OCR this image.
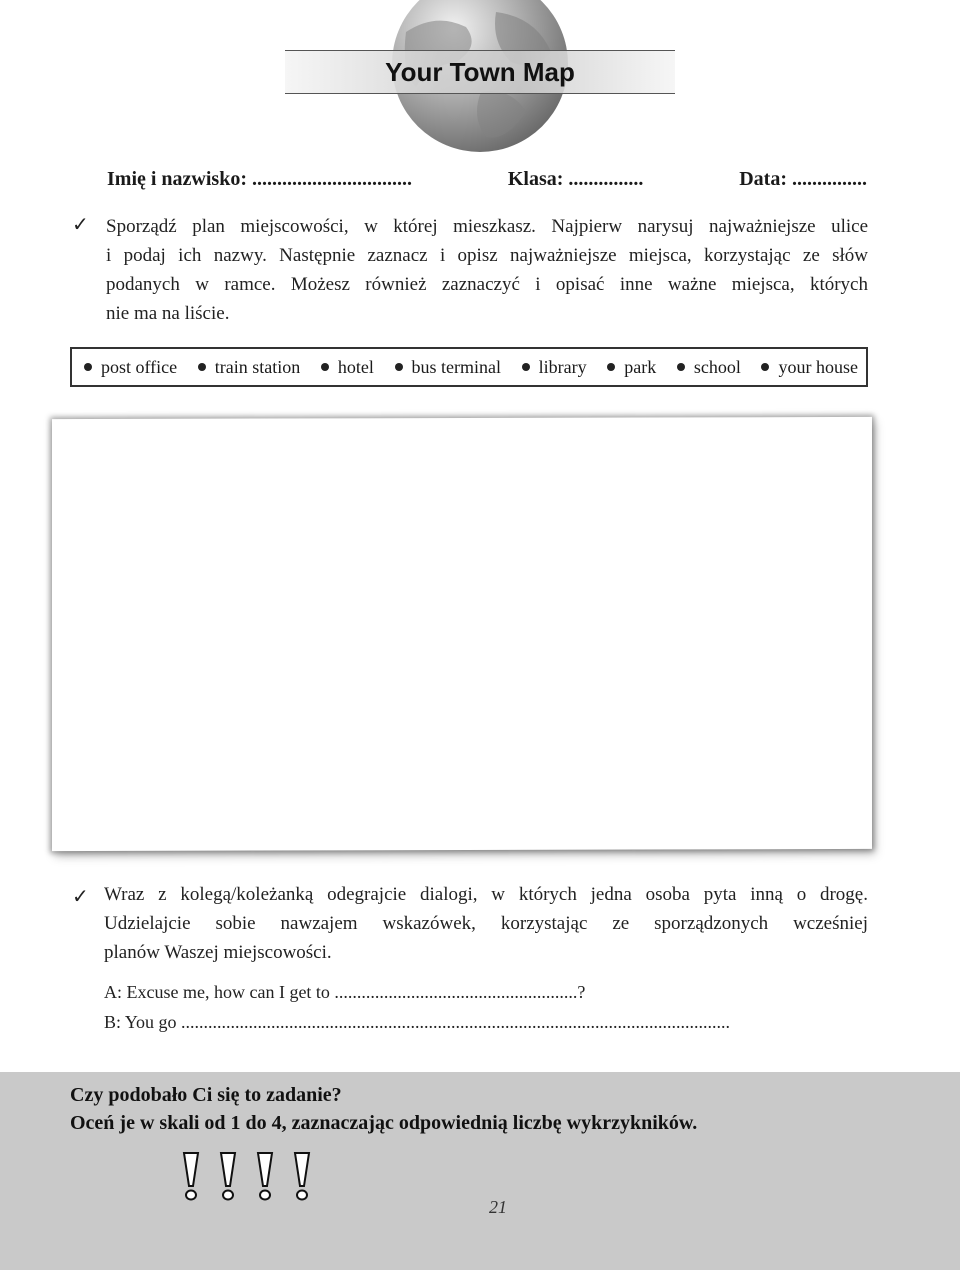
Your Town Map
Imię i nazwisko: ................................	Klasa: ...............	Data: ...............
✓ Sporządź plan miejscowości, w której mieszkasz. Najpierw narysuj najważniejsze ulice
i podaj ich nazwy. Następnie zaznacz i opisz najważniejsze miejsca, korzystając ze słów
podanych w ramce. Możesz również zaznaczyć i opisać inne ważne miejsca, których
nie ma na liście.
post office train station hotel bus terminal library park school your house
✓ Wraz z kolegą/koleżanką odegrajcie dialogi, w których jedna osoba pyta inną o drogę.
Udzielajcie sobie nawzajem wskazówek, korzystając ze sporządzonych wcześniej
planów Waszej miejscowości.
A: Excuse me, how can I get to ......................................................?
B: You go ..........................................................................................................................
Czy podobało Ci się to zadanie?
Oceń je w skali od 1 do 4, zaznaczając odpowiednią liczbę wykrzykników.
21
